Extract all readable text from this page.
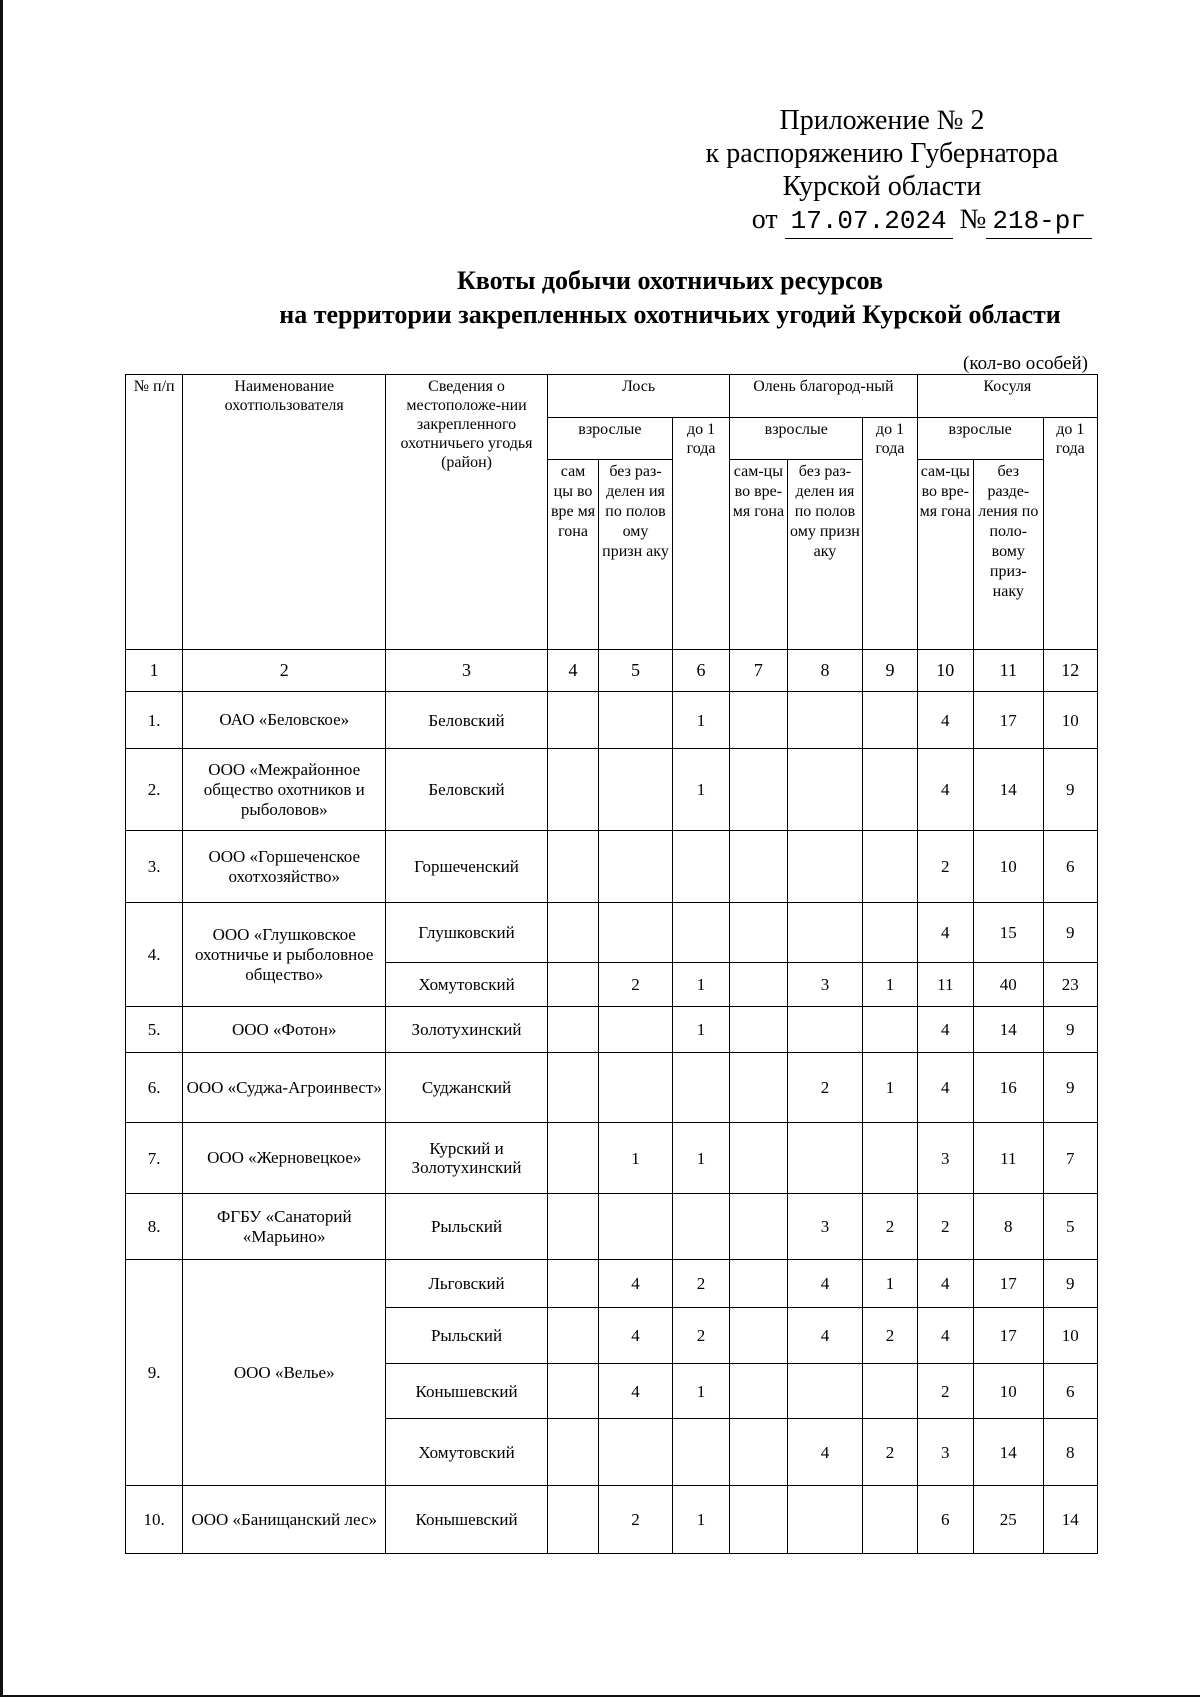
Приложение № 2
к распоряжению Губернатора
Курской области
от 17.07.2024 № 218-рг
Квоты добычи охотничьих ресурсов
на территории закрепленных охотничьих угодий Курской области
(кол-во особей)
№ п/п	Наименование охотпользователя	Сведения о местоположе-нии закрепленного охотничьего угодья (район)	Лось			Олень благород-ный			Косуля		
			взрослые		до 1 года	взрослые		до 1 года	взрослые		до 1 года
			сам цы во вре мя гона	без раз-делен ия по полов ому призн аку		сам-цы во вре-мя гона	без раз-делен ия по полов ому призн аку		сам-цы во вре-мя гона	без разде-ления по поло-вому приз-наку	
1	2	3	4	5	6	7	8	9	10	11	12
1.	ОАО «Беловское»	Беловский			1				4	17	10
2.	ООО «Межрайонное общество охотников и рыболовов»	Беловский			1				4	14	9
3.	ООО «Горшеченское охотхозяйство»	Горшеченский							2	10	6
4.	ООО «Глушковское охотничье и рыболовное общество»	Глушковский							4	15	9
		Хомутовский		2	1		3	1	11	40	23
5.	ООО «Фотон»	Золотухинский			1				4	14	9
6.	ООО «Суджа-Агроинвест»	Суджанский					2	1	4	16	9
7.	ООО «Жерновецкое»	Курский и Золотухинский		1	1				3	11	7
8.	ФГБУ «Санаторий «Марьино»	Рыльский					3	2	2	8	5
9.	ООО «Велье»	Льговский		4	2		4	1	4	17	9
		Рыльский		4	2		4	2	4	17	10
		Конышевский		4	1				2	10	6
		Хомутовский					4	2	3	14	8
10.	ООО «Банищанский лес»	Конышевский		2	1				6	25	14
